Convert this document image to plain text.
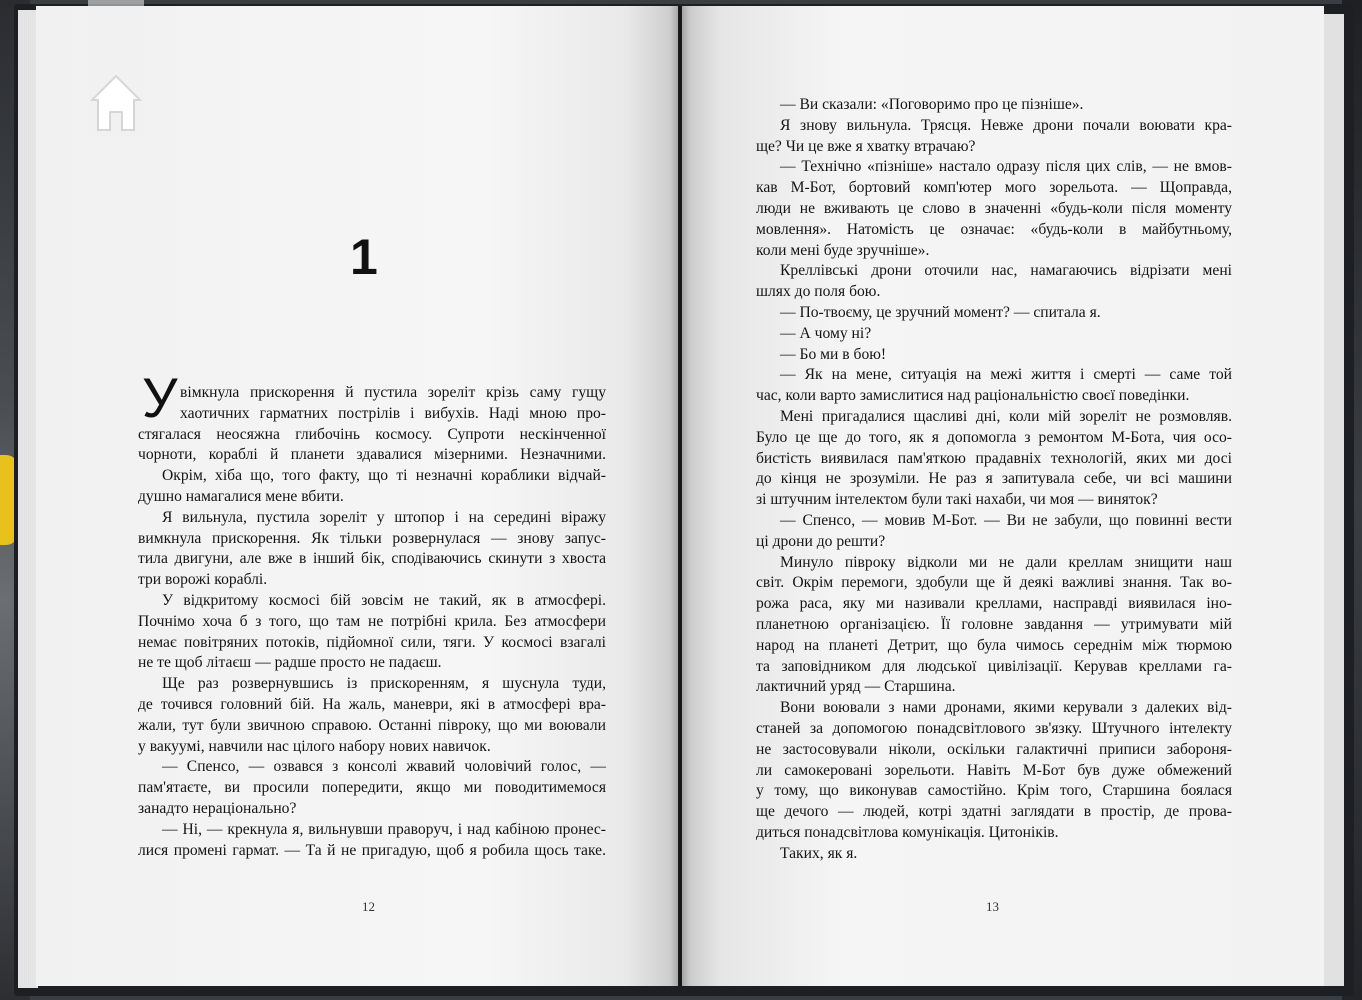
1
У вімкнула прискорення й пустила зореліт крізь саму гущу
хаотичних гарматних пострілів і вибухів. Наді мною про-
стягалася неосяжна глибочінь космосу. Супроти нескінченної
чорноти, кораблі й планети здавалися мізерними. Незначними.
Окрім, хіба що, того факту, що ті незначні кораблики відчай-
душно намагалися мене вбити.
Я вильнула, пустила зореліт у штопор і на середині віражу
вимкнула прискорення. Як тільки розвернулася — знову запус-
тила двигуни, але вже в інший бік, сподіваючись скинути з хвоста
три ворожі кораблі.
У відкритому космосі бій зовсім не такий, як в атмосфері.
Почнімо хоча б з того, що там не потрібні крила. Без атмосфери
немає повітряних потоків, підйомної сили, тяги. У космосі взагалі
не те щоб літаєш — радше просто не падаєш.
Ще раз розвернувшись із прискоренням, я шуснула туди,
де точився головний бій. На жаль, маневри, які в атмосфері вра-
жали, тут були звичною справою. Останні півроку, що ми воювали
у вакуумі, навчили нас цілого набору нових навичок.
— Спенсо, — озвався з консолі жвавий чоловічий голос, —
пам'ятаєте, ви просили попередити, якщо ми поводитимемося
занадто нераціонально?
— Ні, — крекнула я, вильнувши праворуч, і над кабіною пронес-
лися промені гармат. — Та й не пригадую, щоб я робила щось таке.
12
— Ви сказали: «Поговоримо про це пізніше».
Я знову вильнула. Трясця. Невже дрони почали воювати кра-
ще? Чи це вже я хватку втрачаю?
— Технічно «пізніше» настало одразу після цих слів, — не вмов-
кав М-Бот, бортовий комп'ютер мого зорельота. — Щоправда,
люди не вживають це слово в значенні «будь-коли після моменту
мовлення». Натомість це означає: «будь-коли в майбутньому,
коли мені буде зручніше».
Креллівські дрони оточили нас, намагаючись відрізати мені
шлях до поля бою.
— По-твоєму, це зручний момент? — спитала я.
— А чому ні?
— Бо ми в бою!
— Як на мене, ситуація на межі життя і смерті — саме той
час, коли варто замислитися над раціональністю своєї поведінки.
Мені пригадалися щасливі дні, коли мій зореліт не розмовляв.
Було це ще до того, як я допомогла з ремонтом М-Бота, чия осо-
бистість виявилася пам'яткою прадавніх технологій, яких ми досі
до кінця не зрозуміли. Не раз я запитувала себе, чи всі машини
зі штучним інтелектом були такі нахаби, чи моя — виняток?
— Спенсо, — мовив М-Бот. — Ви не забули, що повинні вести
ці дрони до решти?
Минуло півроку відколи ми не дали креллам знищити наш
світ. Окрім перемоги, здобули ще й деякі важливі знання. Так во-
рожа раса, яку ми називали креллами, насправді виявилася іно-
планетною організацією. Її головне завдання — утримувати мій
народ на планеті Детрит, що була чимось середнім між тюрмою
та заповідником для людської цивілізації. Керував креллами га-
лактичний уряд — Старшина.
Вони воювали з нами дронами, якими керували з далеких від-
станей за допомогою понадсвітлового зв'язку. Штучного інтелекту
не застосовували ніколи, оскільки галактичні приписи забороня-
ли самокеровані зорельоти. Навіть М-Бот був дуже обмежений
у тому, що виконував самостійно. Крім того, Старшина боялася
ще дечого — людей, котрі здатні заглядати в простір, де прова-
диться понадсвітлова комунікація. Цитоніків.
Таких, як я.
13
